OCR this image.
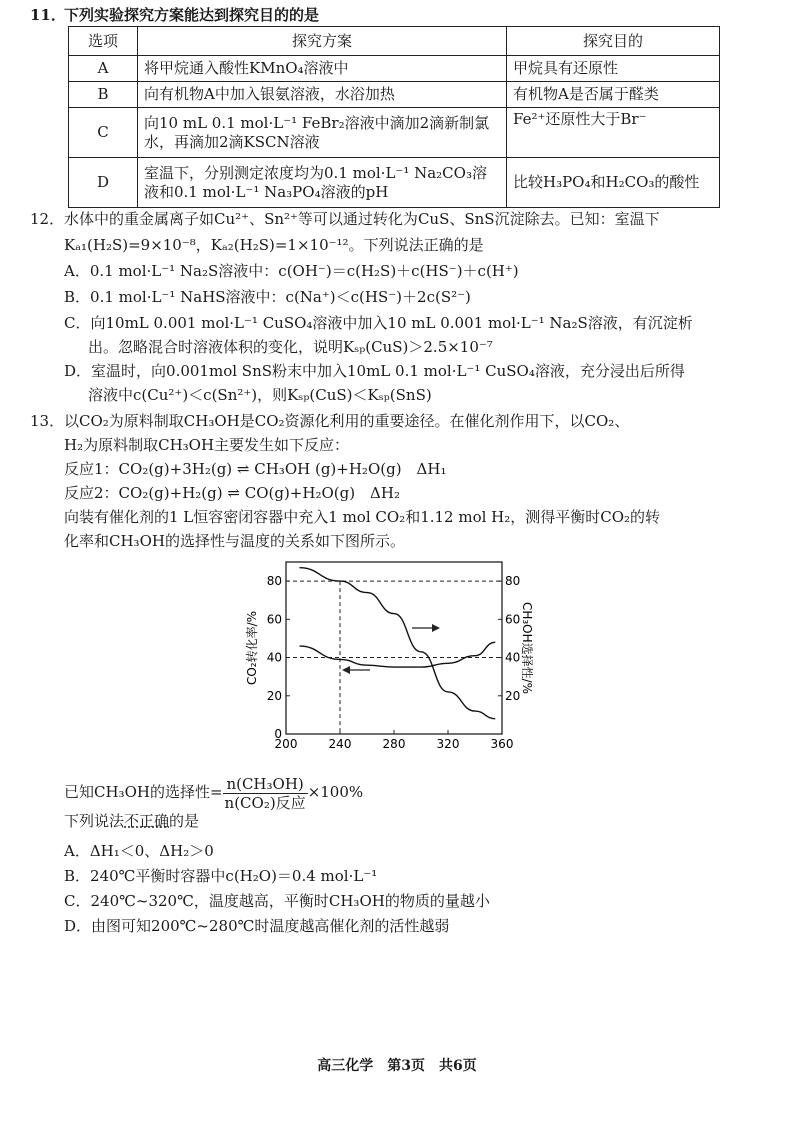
11．下列实验探究方案能达到探究目的的是
选项	探究方案	探究目的
A	将甲烷通入酸性KMnO₄溶液中	甲烷具有还原性
B	向有机物A中加入银氨溶液，水浴加热	有机物A是否属于醛类
C	向10 mL 0.1 mol·L⁻¹ FeBr₂溶液中滴加2滴新制氯水，再滴加2滴KSCN溶液	Fe²⁺还原性大于Br⁻
D	室温下，分别测定浓度均为0.1 mol·L⁻¹ Na₂CO₃溶液和0.1 mol·L⁻¹ Na₃PO₄溶液的pH	比较H₃PO₄和H₂CO₃的酸性
12．水体中的重金属离子如Cu²⁺、Sn²⁺等可以通过转化为CuS、SnS沉淀除去。已知：室温下
Kₐ₁(H₂S)=9×10⁻⁸，Kₐ₂(H₂S)=1×10⁻¹²。下列说法正确的是
A．0.1 mol·L⁻¹ Na₂S溶液中：c(OH⁻)＝c(H₂S)＋c(HS⁻)＋c(H⁺)
B．0.1 mol·L⁻¹ NaHS溶液中：c(Na⁺)＜c(HS⁻)＋2c(S²⁻)
C．向10mL 0.001 mol·L⁻¹ CuSO₄溶液中加入10 mL 0.001 mol·L⁻¹ Na₂S溶液，有沉淀析
出。忽略混合时溶液体积的变化，说明Kₛₚ(CuS)＞2.5×10⁻⁷
D．室温时，向0.001mol SnS粉末中加入10mL 0.1 mol·L⁻¹ CuSO₄溶液，充分浸出后所得
溶液中c(Cu²⁺)＜c(Sn²⁺)，则Kₛₚ(CuS)＜Kₛₚ(SnS)
13．以CO₂为原料制取CH₃OH是CO₂资源化利用的重要途径。在催化剂作用下，以CO₂、
H₂为原料制取CH₃OH主要发生如下反应：
反应1：CO₂(g)+3H₂(g) ⇌ CH₃OH (g)+H₂O(g)　ΔH₁
反应2：CO₂(g)+H₂(g) ⇌ CO(g)+H₂O(g)　ΔH₂
向装有催化剂的1 L恒容密闭容器中充入1 mol CO₂和1.12 mol H₂，测得平衡时CO₂的转
化率和CH₃OH的选择性与温度的关系如下图所示。
200	240	280	320	360
0
20
40
60
80
20
40
60
80
CO₂转化率/%	CH₃OH选择性/%
已知CH₃OH的选择性= $\frac{\text{n(CH₃OH)}}{\text{n(CO₂)反应}} \times 100\%$
下列说法不正确的是
A．ΔH₁＜0、ΔH₂＞0
B．240℃平衡时容器中c(H₂O)＝0.4 mol·L⁻¹
C．240℃~320℃，温度越高，平衡时CH₃OH的物质的量越小
D．由图可知200℃~280℃时温度越高催化剂的活性越弱
高三化学　第3页　共6页
